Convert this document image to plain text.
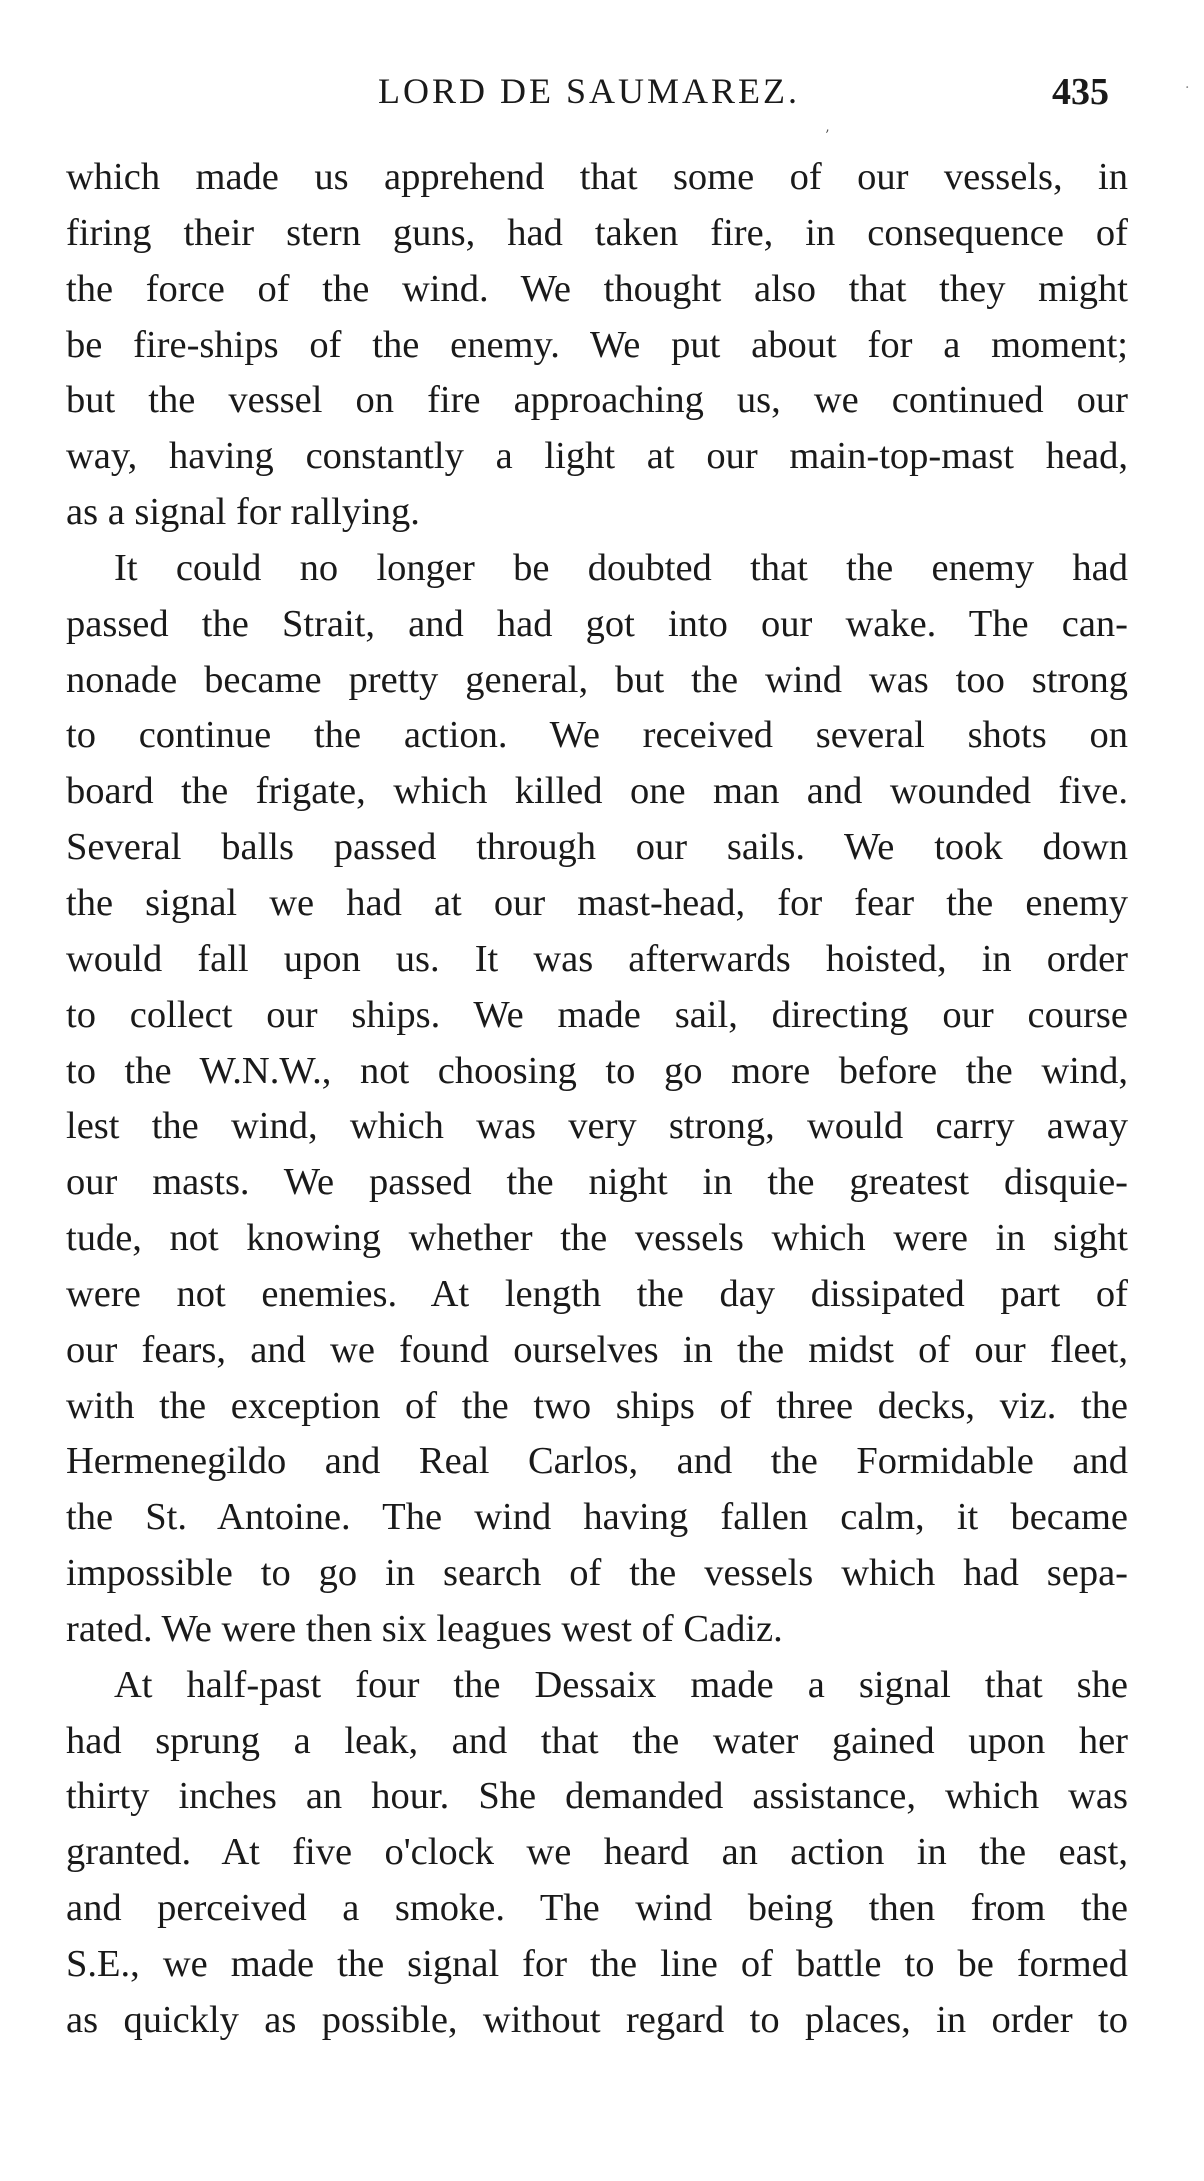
LORD DE SAUMAREZ.	435	·
’

which made us apprehend that some of our vessels, in
firing their stern guns, had taken fire, in consequence of
the force of the wind. We thought also that they might
be fire-ships of the enemy. We put about for a moment;
but the vessel on fire approaching us, we continued our
way, having constantly a light at our main-top-mast head,
as a signal for rallying.

It could no longer be doubted that the enemy had
passed the Strait, and had got into our wake. The can-
nonade became pretty general, but the wind was too strong
to continue the action. We received several shots on
board the frigate, which killed one man and wounded five.
Several balls passed through our sails. We took down
the signal we had at our mast-head, for fear the enemy
would fall upon us. It was afterwards hoisted, in order
to collect our ships. We made sail, directing our course
to the W.N.W., not choosing to go more before the wind,
lest the wind, which was very strong, would carry away
our masts. We passed the night in the greatest disquie-
tude, not knowing whether the vessels which were in sight
were not enemies. At length the day dissipated part of
our fears, and we found ourselves in the midst of our fleet,
with the exception of the two ships of three decks, viz. the
Hermenegildo and Real Carlos, and the Formidable and
the St. Antoine. The wind having fallen calm, it became
impossible to go in search of the vessels which had sepa-
rated. We were then six leagues west of Cadiz.

At half-past four the Dessaix made a signal that she
had sprung a leak, and that the water gained upon her
thirty inches an hour. She demanded assistance, which was
granted. At five o'clock we heard an action in the east,
and perceived a smoke. The wind being then from the
S.E., we made the signal for the line of battle to be formed
as quickly as possible, without regard to places, in order to
